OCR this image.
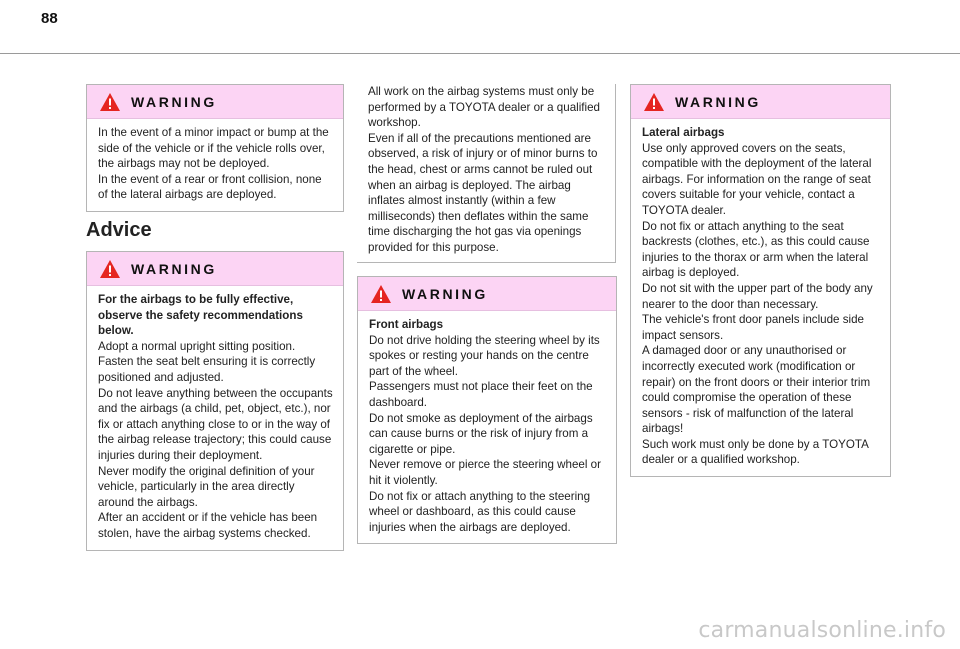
88
WARNING

In the event of a minor impact or bump at the side of the vehicle or if the vehicle rolls over, the airbags may not be deployed.

In the event of a rear or front collision, none of the lateral airbags are deployed.

Advice
WARNING

For the airbags to be fully effective, observe the safety recommendations below.

Adopt a normal upright sitting position.

Fasten the seat belt ensuring it is correctly positioned and adjusted.

Do not leave anything between the occupants and the airbags (a child, pet, object, etc.), nor fix or attach anything close to or in the way of the airbag release trajectory; this could cause injuries during their deployment.

Never modify the original definition of your vehicle, particularly in the area directly around the airbags.

After an accident or if the vehicle has been stolen, have the airbag systems checked.

All work on the airbag systems must only be performed by a TOYOTA dealer or a qualified workshop.

Even if all of the precautions mentioned are observed, a risk of injury or of minor burns to the head, chest or arms cannot be ruled out when an airbag is deployed. The airbag inflates almost instantly (within a few milliseconds) then deflates within the same time discharging the hot gas via openings provided for this purpose.

WARNING

Front airbags

Do not drive holding the steering wheel by its spokes or resting your hands on the centre part of the wheel.

Passengers must not place their feet on the dashboard.

Do not smoke as deployment of the airbags can cause burns or the risk of injury from a cigarette or pipe.

Never remove or pierce the steering wheel or hit it violently.

Do not fix or attach anything to the steering wheel or dashboard, as this could cause injuries when the airbags are deployed.

WARNING

Lateral airbags

Use only approved covers on the seats, compatible with the deployment of the lateral airbags. For information on the range of seat covers suitable for your vehicle, contact a TOYOTA dealer.

Do not fix or attach anything to the seat backrests (clothes, etc.), as this could cause injuries to the thorax or arm when the lateral airbag is deployed.

Do not sit with the upper part of the body any nearer to the door than necessary.

The vehicle's front door panels include side impact sensors.

A damaged door or any unauthorised or incorrectly executed work (modification or repair) on the front doors or their interior trim could compromise the operation of these sensors - risk of malfunction of the lateral airbags!

Such work must only be done by a TOYOTA dealer or a qualified workshop.

carmanualsonline.info
